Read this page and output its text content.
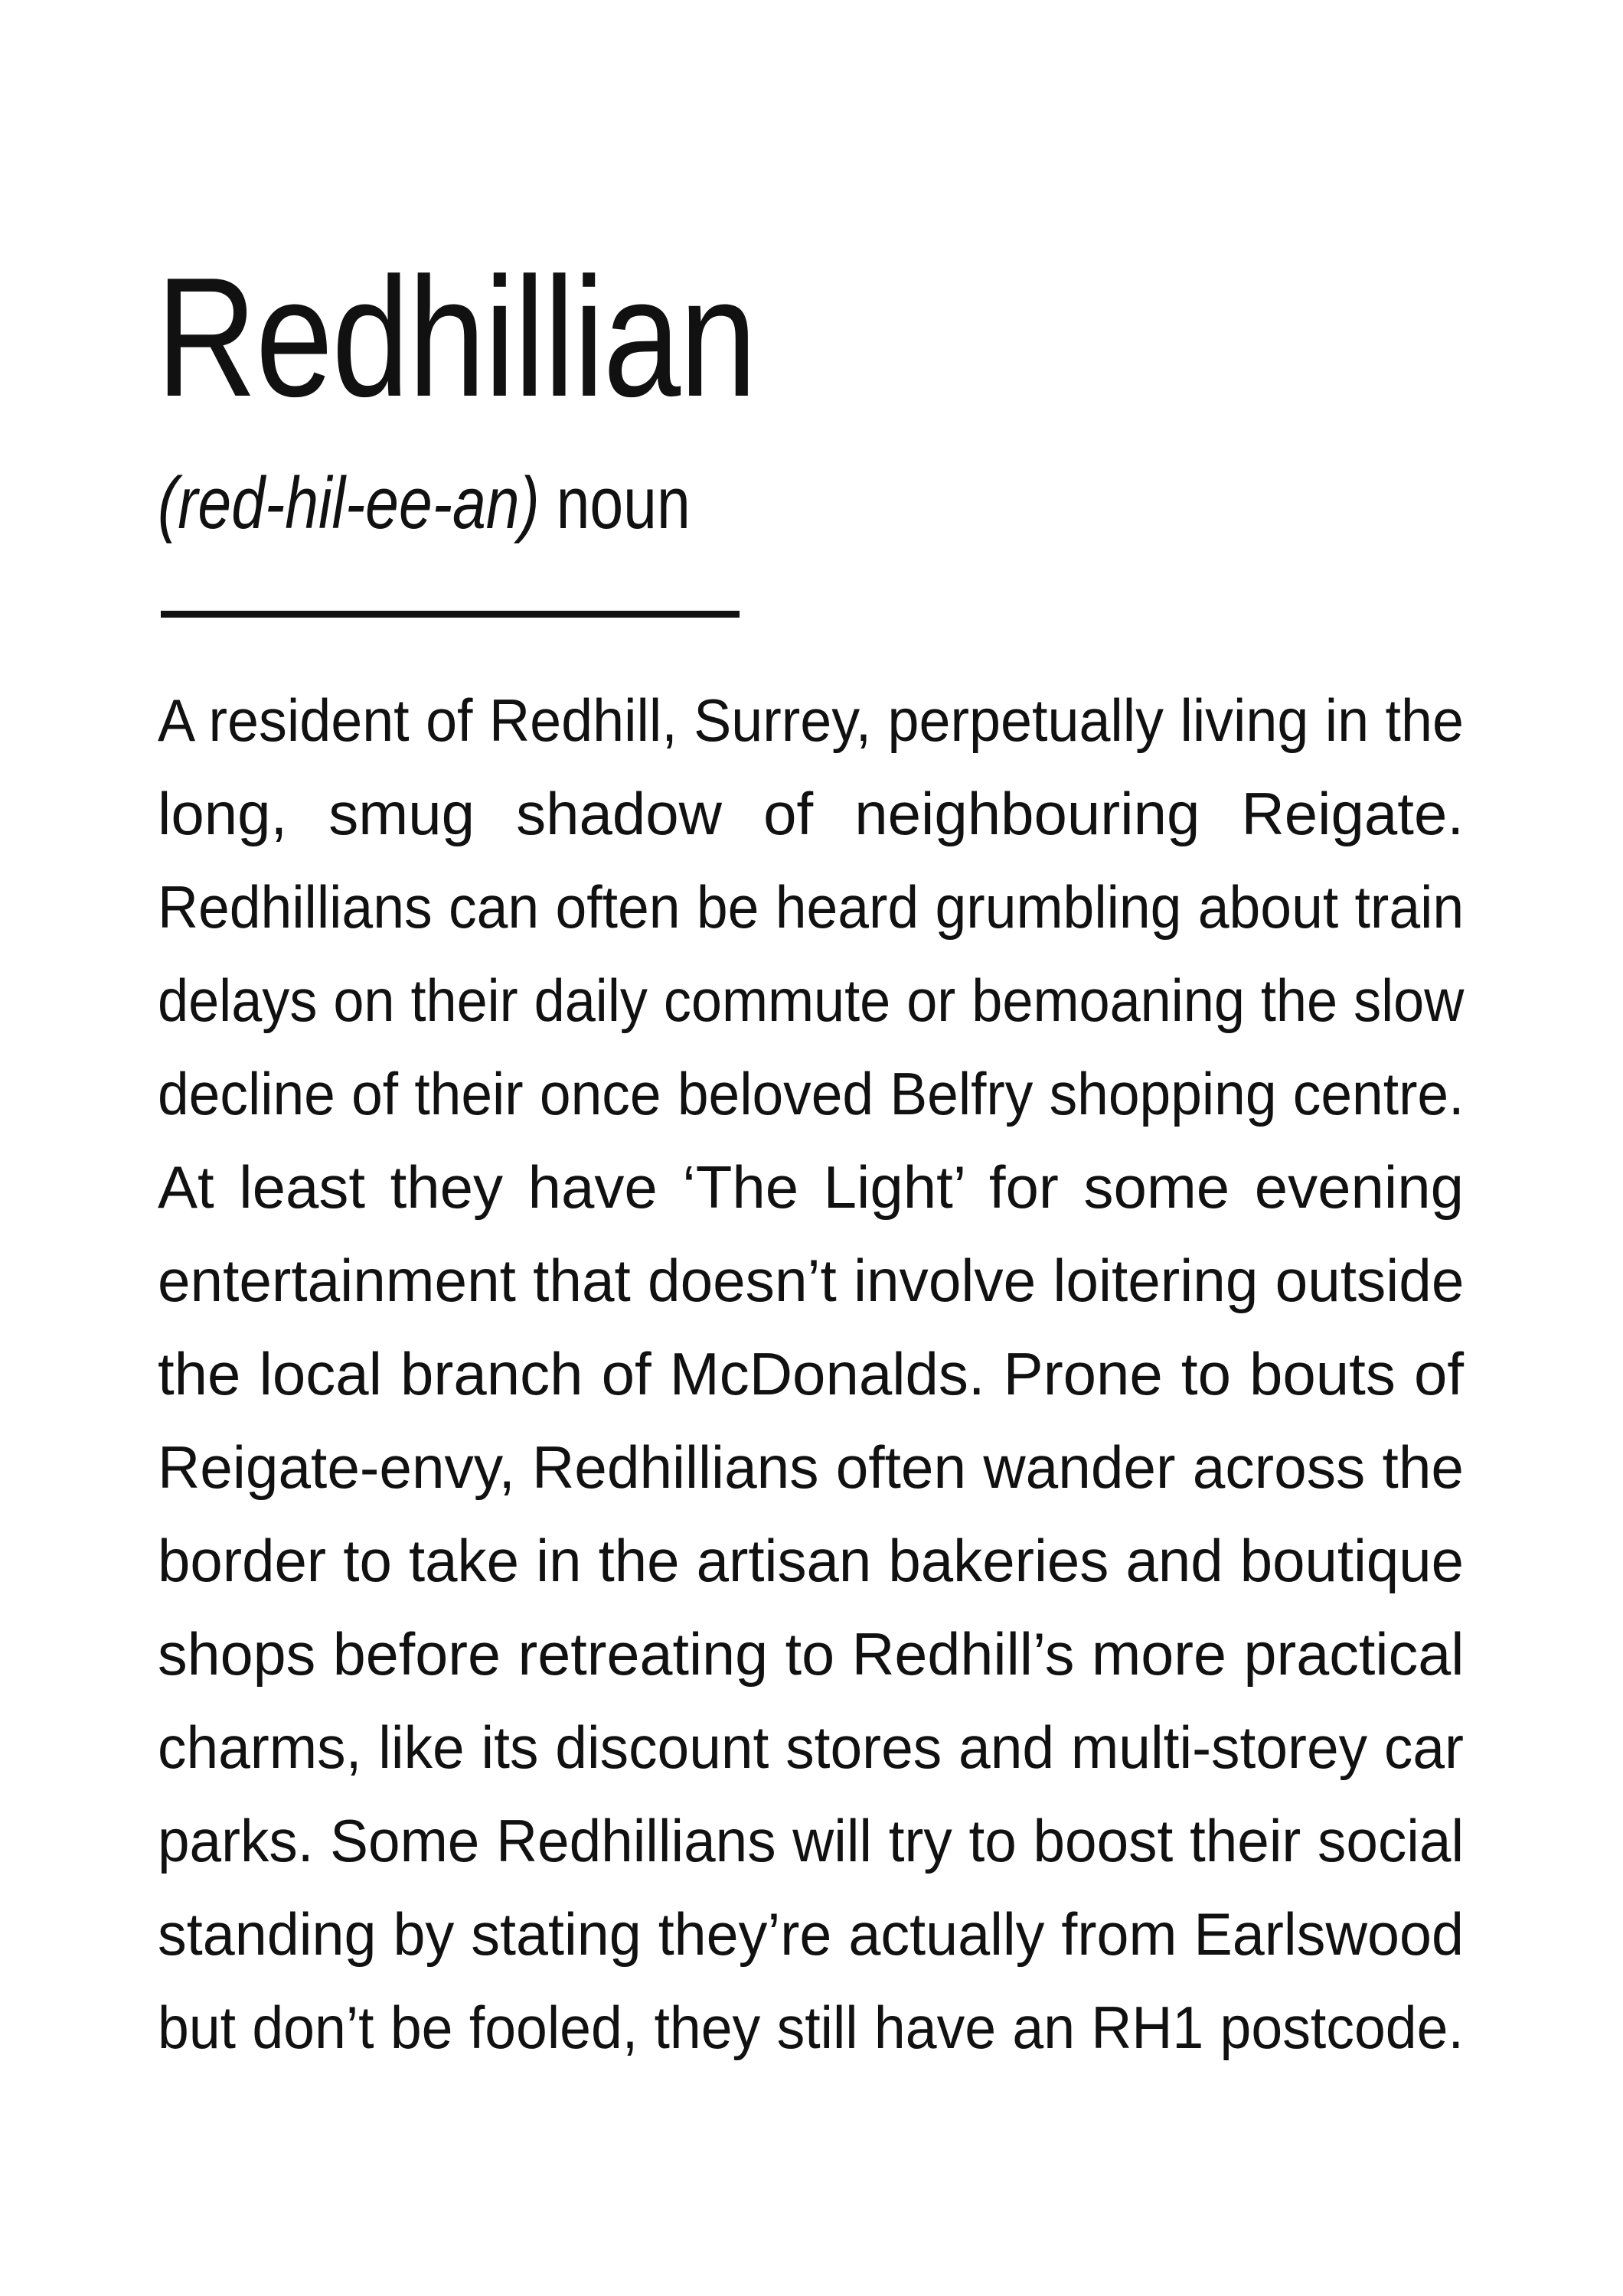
Redhillian

(red-hil-ee-an) noun

A resident of Redhill, Surrey, perpetually living in the
long, smug shadow of neighbouring Reigate.
Redhillians can often be heard grumbling about train
delays on their daily commute or bemoaning the slow
decline of their once beloved Belfry shopping centre.
At least they have ‘The Light’ for some evening
entertainment that doesn’t involve loitering outside
the local branch of McDonalds. Prone to bouts of
Reigate-envy, Redhillians often wander across the
border to take in the artisan bakeries and boutique
shops before retreating to Redhill’s more practical
charms, like its discount stores and multi-storey car
parks. Some Redhillians will try to boost their social
standing by stating they’re actually from Earlswood
but don’t be fooled, they still have an RH1 postcode.
